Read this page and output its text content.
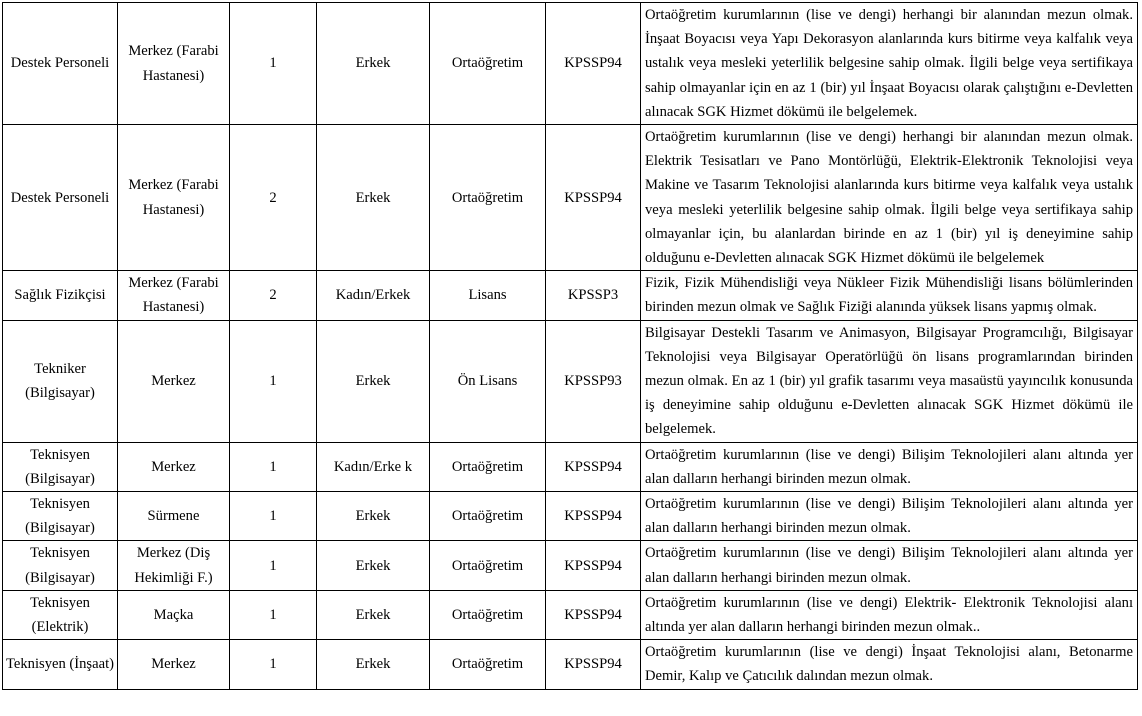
Destek Personeli	Merkez (Farabi Hastanesi)	1	Erkek	Ortaöğretim	KPSSP94	Ortaöğretim kurumlarının (lise ve dengi) herhangi bir alanından mezun olmak. İnşaat Boyacısı veya Yapı Dekorasyon alanlarında kurs bitirme veya kalfalık veya ustalık veya mesleki yeterlilik belgesine sahip olmak. İlgili belge veya sertifikaya sahip olmayanlar için en az 1 (bir) yıl İnşaat Boyacısı olarak çalıştığını e-Devletten alınacak SGK Hizmet dökümü ile belgelemek.
Destek Personeli	Merkez (Farabi Hastanesi)	2	Erkek	Ortaöğretim	KPSSP94	Ortaöğretim kurumlarının (lise ve dengi) herhangi bir alanından mezun olmak. Elektrik Tesisatları ve Pano Montörlüğü, Elektrik-Elektronik Teknolojisi veya Makine ve Tasarım Teknolojisi alanlarında kurs bitirme veya kalfalık veya ustalık veya mesleki yeterlilik belgesine sahip olmak. İlgili belge veya sertifikaya sahip olmayanlar için, bu alanlardan birinde en az 1 (bir) yıl iş deneyimine sahip olduğunu e-Devletten alınacak SGK Hizmet dökümü ile belgelemek
Sağlık Fizikçisi	Merkez (Farabi Hastanesi)	2	Kadın/Erkek	Lisans	KPSSP3	Fizik, Fizik Mühendisliği veya Nükleer Fizik Mühendisliği lisans bölümlerinden birinden mezun olmak ve Sağlık Fiziği alanında yüksek lisans yapmış olmak.
Tekniker (Bilgisayar)	Merkez	1	Erkek	Ön Lisans	KPSSP93	Bilgisayar Destekli Tasarım ve Animasyon, Bilgisayar Programcılığı, Bilgisayar Teknolojisi veya Bilgisayar Operatörlüğü ön lisans programlarından birinden mezun olmak. En az 1 (bir) yıl grafik tasarımı veya masaüstü yayıncılık konusunda iş deneyimine sahip olduğunu e-Devletten alınacak SGK Hizmet dökümü ile belgelemek.
Teknisyen (Bilgisayar)	Merkez	1	Kadın/Erke k	Ortaöğretim	KPSSP94	Ortaöğretim kurumlarının (lise ve dengi) Bilişim Teknolojileri alanı altında yer alan dalların herhangi birinden mezun olmak.
Teknisyen (Bilgisayar)	Sürmene	1	Erkek	Ortaöğretim	KPSSP94	Ortaöğretim kurumlarının (lise ve dengi) Bilişim Teknolojileri alanı altında yer alan dalların herhangi birinden mezun olmak.
Teknisyen (Bilgisayar)	Merkez (Diş Hekimliği F.)	1	Erkek	Ortaöğretim	KPSSP94	Ortaöğretim kurumlarının (lise ve dengi) Bilişim Teknolojileri alanı altında yer alan dalların herhangi birinden mezun olmak.
Teknisyen (Elektrik)	Maçka	1	Erkek	Ortaöğretim	KPSSP94	Ortaöğretim kurumlarının (lise ve dengi) Elektrik- Elektronik Teknolojisi alanı altında yer alan dalların herhangi birinden mezun olmak..
Teknisyen (İnşaat)	Merkez	1	Erkek	Ortaöğretim	KPSSP94	Ortaöğretim kurumlarının (lise ve dengi) İnşaat Teknolojisi alanı, Betonarme Demir, Kalıp ve Çatıcılık dalından mezun olmak.
